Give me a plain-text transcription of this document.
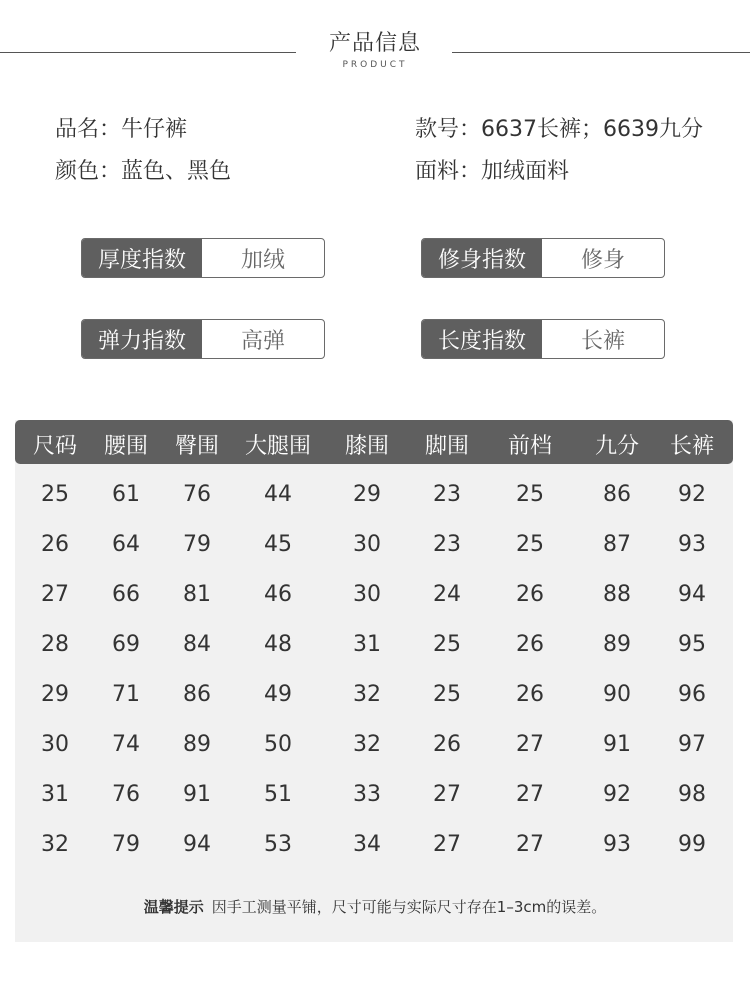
产品信息
PRODUCT
品名：牛仔裤
颜色：蓝色、黑色
款号：6637长裤；6639九分
面料：加绒面料
厚度指数	加绒	修身指数	修身
弹力指数	高弹	长度指数	长裤
尺码	腰围	臀围	大腿围	膝围	脚围	前档	九分	长裤
25	61	76	44	29	23	25	86	92
26	64	79	45	30	23	25	87	93
27	66	81	46	30	24	26	88	94
28	69	84	48	31	25	26	89	95
29	71	86	49	32	25	26	90	96
30	74	89	50	32	26	27	91	97
31	76	91	51	33	27	27	92	98
32	79	94	53	34	27	27	93	99
温馨提示 因手工测量平铺，尺寸可能与实际尺寸存在1–3cm的误差。
